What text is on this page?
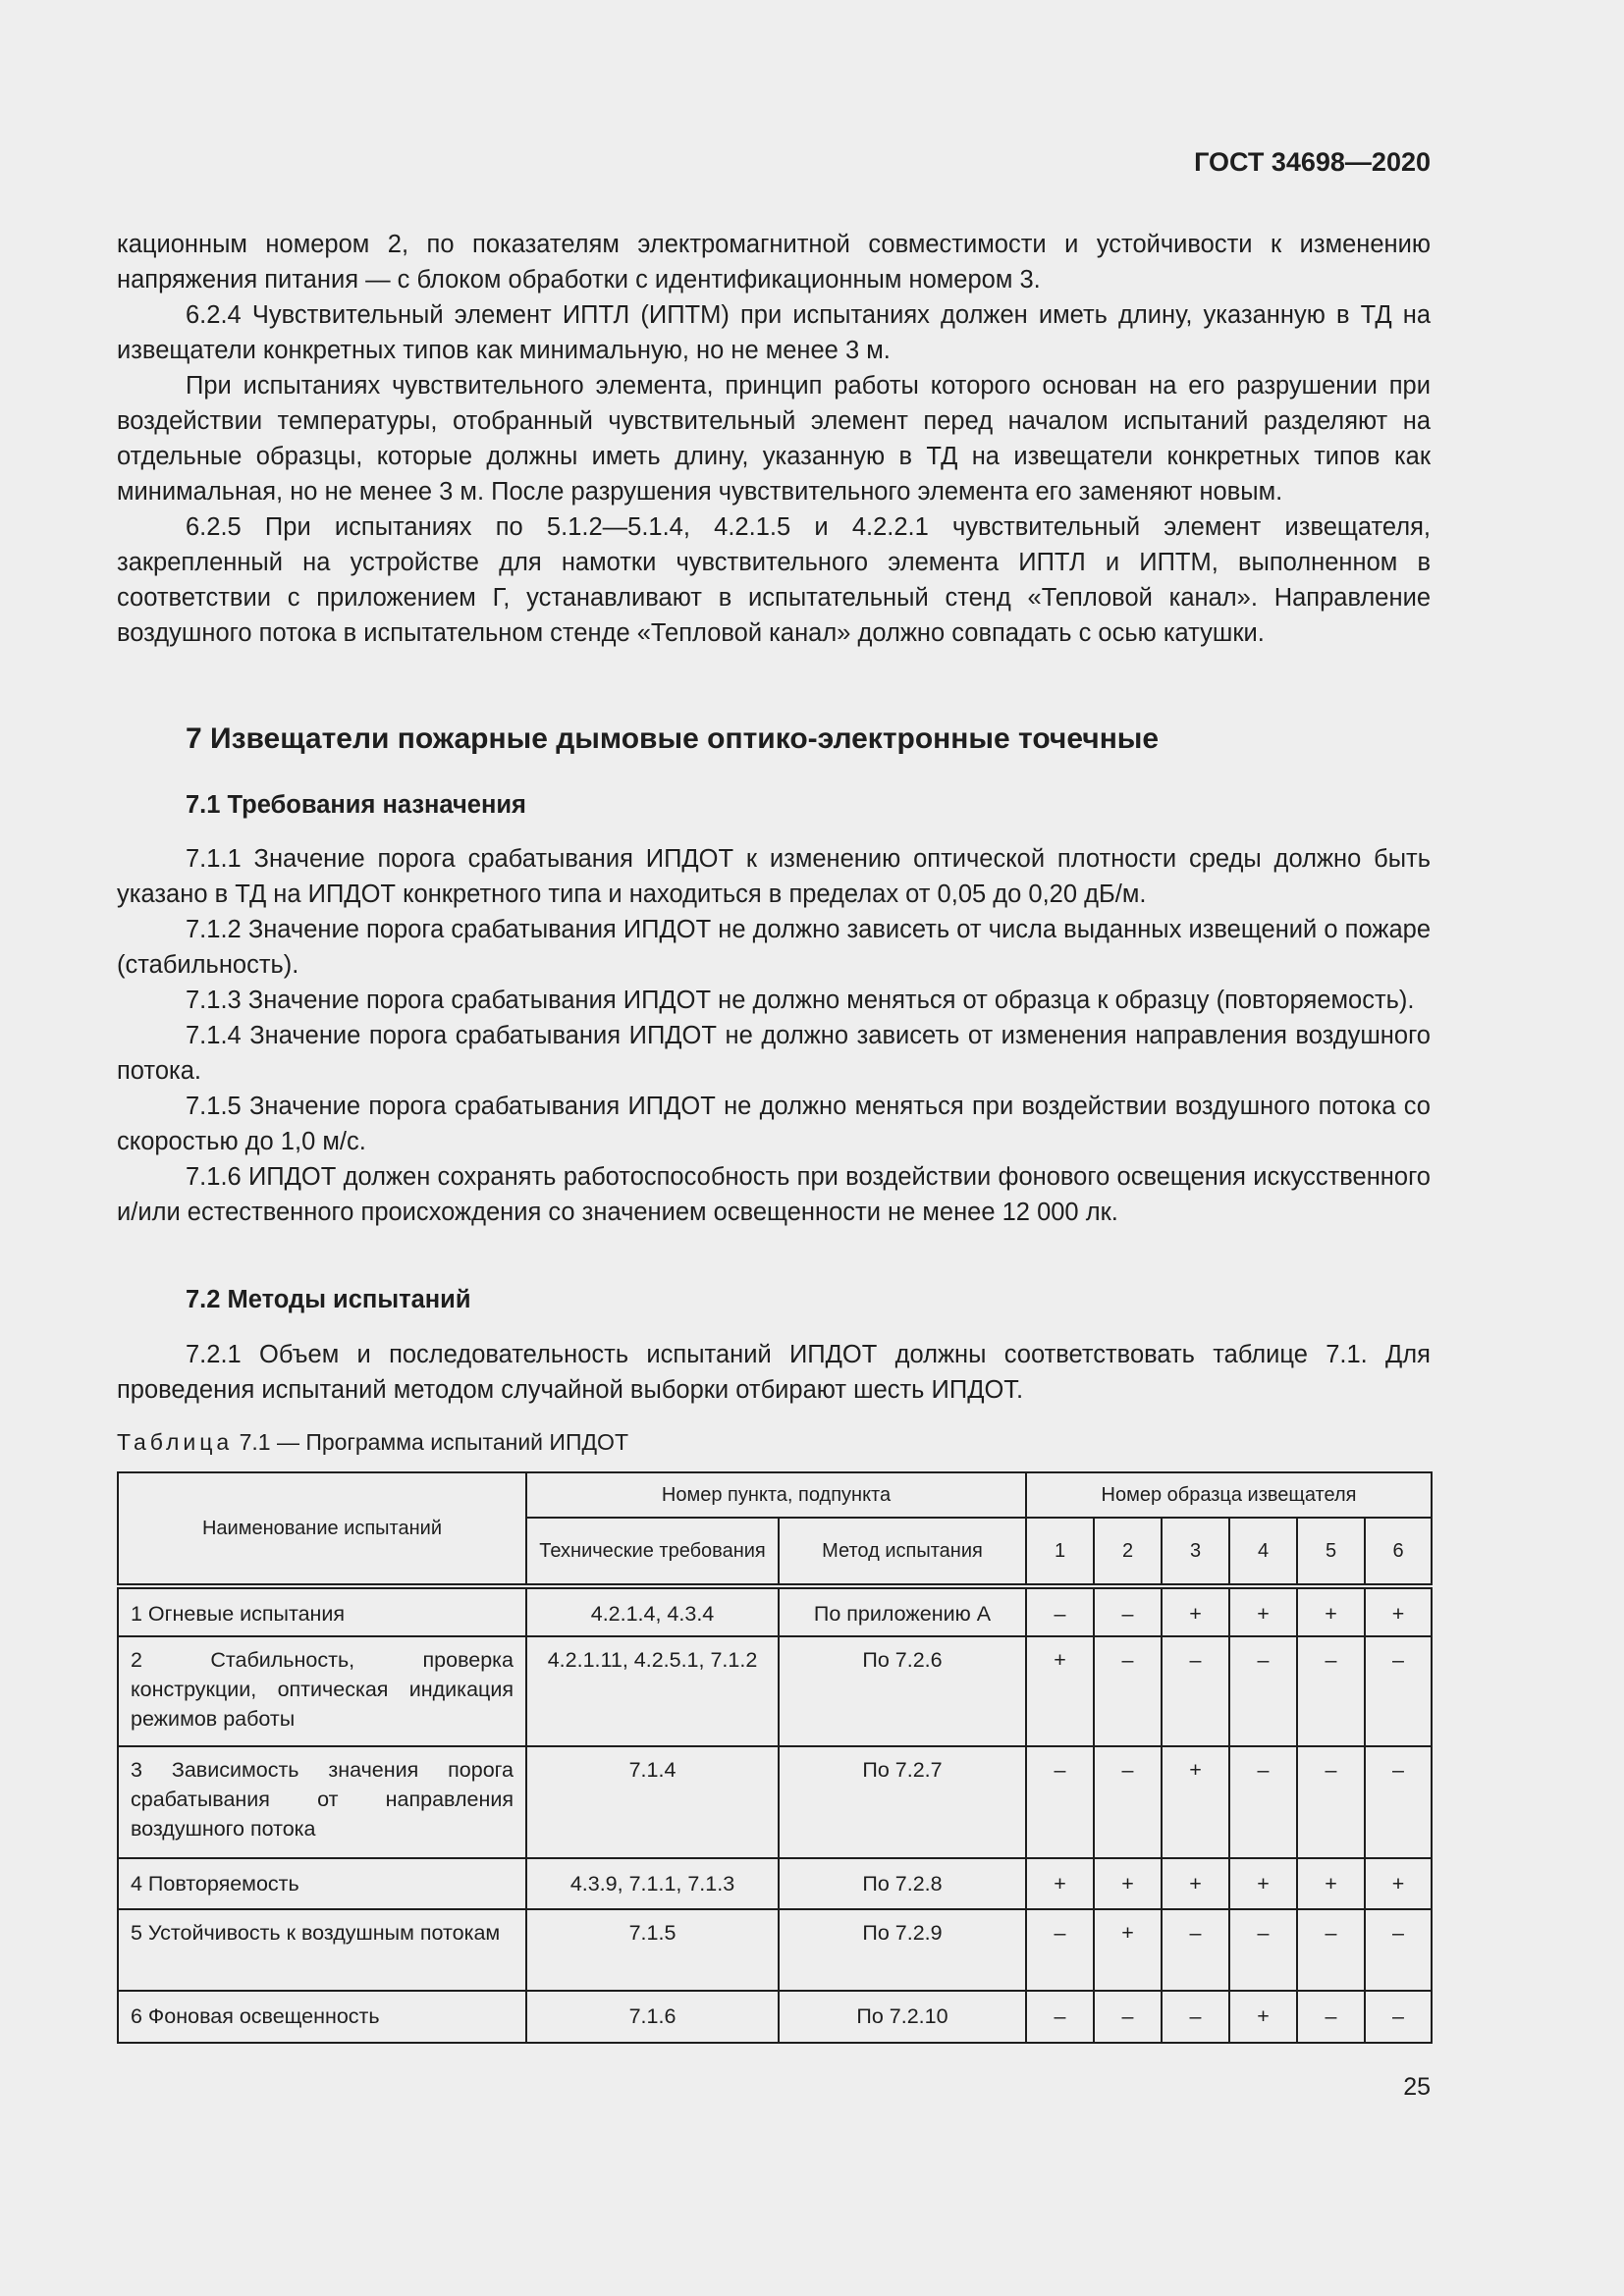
ГОСТ 34698—2020

кационным номером 2, по показателям электромагнитной совместимости и устойчивости к изменению напряжения питания — с блоком обработки с идентификационным номером 3.

6.2.4 Чувствительный элемент ИПТЛ (ИПТМ) при испытаниях должен иметь длину, указанную в ТД на извещатели конкретных типов как минимальную, но не менее 3 м.

При испытаниях чувствительного элемента, принцип работы которого основан на его разрушении при воздействии температуры, отобранный чувствительный элемент перед началом испытаний разделяют на отдельные образцы, которые должны иметь длину, указанную в ТД на извещатели конкретных типов как минимальная, но не менее 3 м. После разрушения чувствительного элемента его заменяют новым.

6.2.5 При испытаниях по 5.1.2—5.1.4, 4.2.1.5 и 4.2.2.1 чувствительный элемент извещателя, закрепленный на устройстве для намотки чувствительного элемента ИПТЛ и ИПТМ, выполненном в соответствии с приложением Г, устанавливают в испытательный стенд «Тепловой канал». Направление воздушного потока в испытательном стенде «Тепловой канал» должно совпадать с осью катушки.

7 Извещатели пожарные дымовые оптико-электронные точечные
7.1 Требования назначения

7.1.1 Значение порога срабатывания ИПДОТ к изменению оптической плотности среды должно быть указано в ТД на ИПДОТ конкретного типа и находиться в пределах от 0,05 до 0,20 дБ/м.

7.1.2 Значение порога срабатывания ИПДОТ не должно зависеть от числа выданных извещений о пожаре (стабильность).

7.1.3 Значение порога срабатывания ИПДОТ не должно меняться от образца к образцу (повторяемость).

7.1.4 Значение порога срабатывания ИПДОТ не должно зависеть от изменения направления воздушного потока.

7.1.5 Значение порога срабатывания ИПДОТ не должно меняться при воздействии воздушного потока со скоростью до 1,0 м/с.

7.1.6 ИПДОТ должен сохранять работоспособность при воздействии фонового освещения искусственного и/или естественного происхождения со значением освещенности не менее 12 000 лк.

7.2 Методы испытаний

7.2.1 Объем и последовательность испытаний ИПДОТ должны соответствовать таблице 7.1. Для проведения испытаний методом случайной выборки отбирают шесть ИПДОТ.

Таблица 7.1 — Программа испытаний ИПДОТ
Наименование испытаний	Номер пункта, подпункта		Номер образца извещателя					
	Технические требования	Метод испытания	1	2	3	4	5	6
1 Огневые испытания	4.2.1.4, 4.3.4	По приложению А	–	–	+	+	+	+
2 Стабильность, проверка конструкции, оптическая индикация режимов работы	4.2.1.11, 4.2.5.1, 7.1.2	По 7.2.6	+	–	–	–	–	–
3 Зависимость значения порога срабатывания от направления воздушного потока	7.1.4	По 7.2.7	–	–	+	–	–	–
4 Повторяемость	4.3.9, 7.1.1, 7.1.3	По 7.2.8	+	+	+	+	+	+
5 Устойчивость к воздушным потокам	7.1.5	По 7.2.9	–	+	–	–	–	–
6 Фоновая освещенность	7.1.6	По 7.2.10	–	–	–	+	–	–
25
